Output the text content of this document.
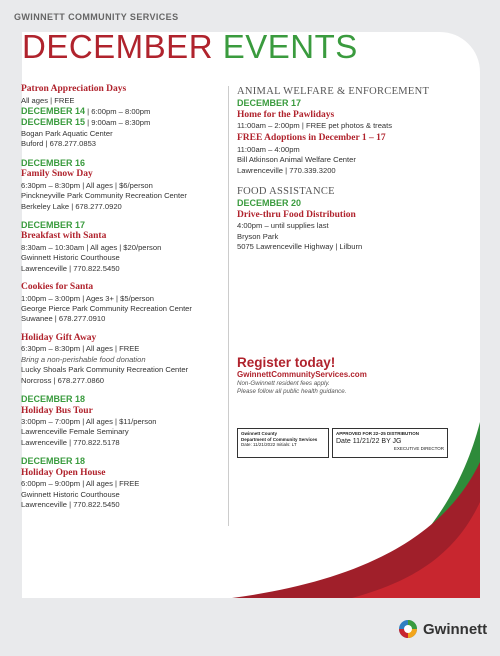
GWINNETT COMMUNITY SERVICES
DECEMBER EVENTS
Patron Appreciation Days
All ages | FREE
DECEMBER 14 | 6:00pm – 8:00pm
DECEMBER 15 | 9:00am – 8:30pm
Bogan Park Aquatic Center
Buford | 678.277.0853
DECEMBER 16
Family Snow Day
6:30pm – 8:30pm | All ages | $6/person
Pinckneyville Park Community Recreation Center
Berkeley Lake | 678.277.0920
DECEMBER 17
Breakfast with Santa
8:30am – 10:30am | All ages | $20/person
Gwinnett Historic Courthouse
Lawrenceville | 770.822.5450
Cookies for Santa
1:00pm – 3:00pm | Ages 3+ | $5/person
George Pierce Park Community Recreation Center
Suwanee | 678.277.0910
Holiday Gift Away
6:30pm – 8:30pm | All ages | FREE
Bring a non-perishable food donation
Lucky Shoals Park Community Recreation Center
Norcross | 678.277.0860
DECEMBER 18
Holiday Bus Tour
3:00pm – 7:00pm | All ages | $11/person
Lawrenceville Female Seminary
Lawrenceville | 770.822.5178
DECEMBER 18
Holiday Open House
6:00pm – 9:00pm | All ages | FREE
Gwinnett Historic Courthouse
Lawrenceville | 770.822.5450
ANIMAL WELFARE & ENFORCEMENT
DECEMBER 17
Home for the Pawlidays
11:00am – 2:00pm | FREE pet photos & treats
FREE Adoptions in December 1 – 17
11:00am – 4:00pm
Bill Atkinson Animal Welfare Center
Lawrenceville | 770.339.3200
FOOD ASSISTANCE
DECEMBER 20
Drive-thru Food Distribution
4:00pm – until supplies last
Bryson Park
5075 Lawrenceville Highway | Lilburn
Register today!
GwinnettCommunityServices.com
Non-Gwinnett resident fees apply.
Please follow all public health guidance.
Gwinnett County
Department of Community Services
Date: 11/21/2022 Initials: LT
APPROVED FOR 22–25 DISTRIBUTION
Date 11/21/22 BY JG
EXECUTIVE DIRECTOR
Gwinnett
